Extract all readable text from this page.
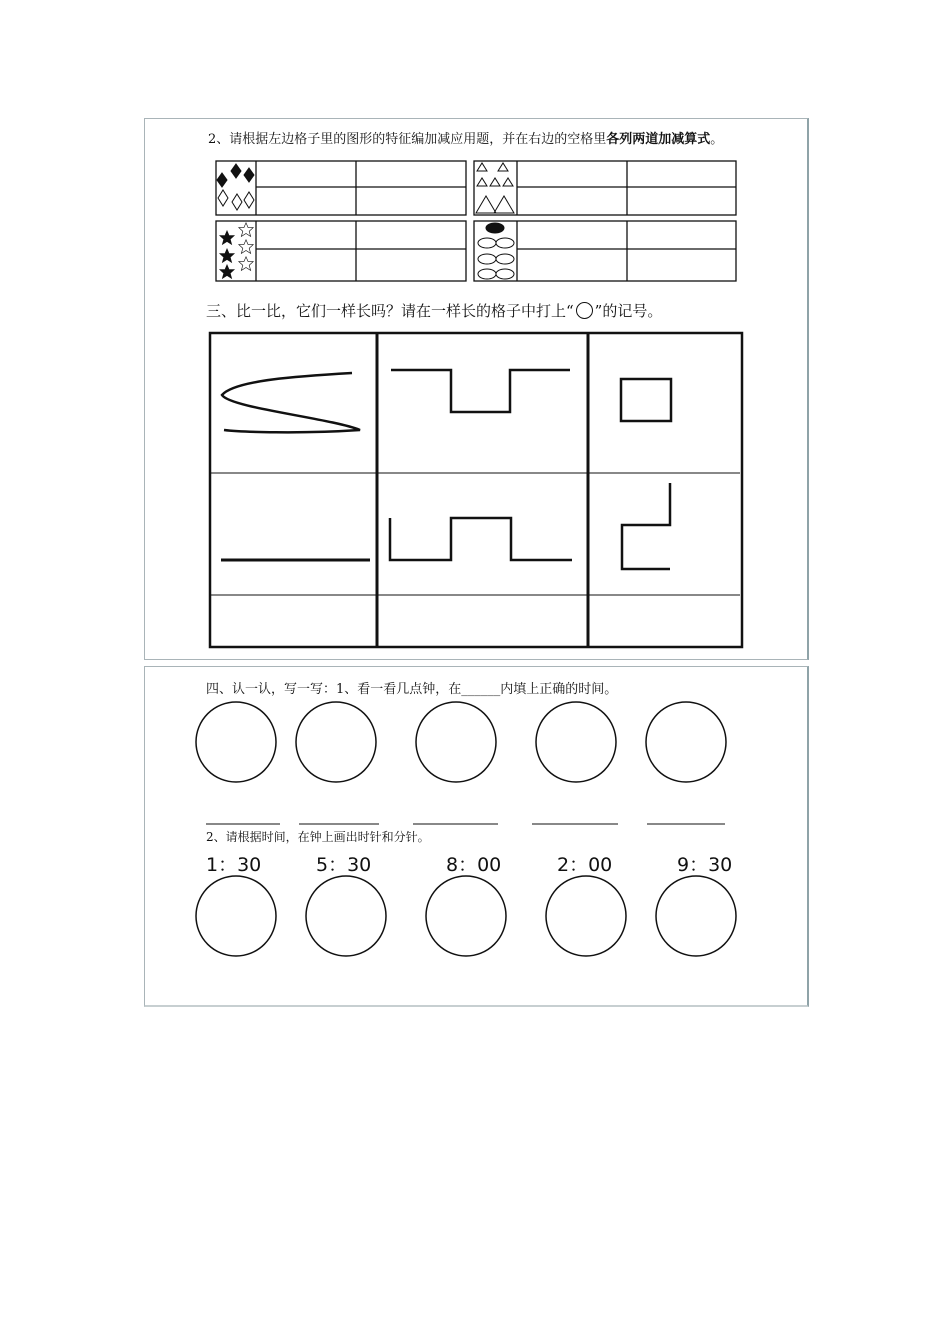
2、请根据左边格子里的图形的特征编加减应用题，并在右边的空格里各列两道加减算式。
三、比一比，它们一样长吗？请在一样长的格子中打上“ ○ ”的记号。
四、认一认，写一写：1、看一看几点钟，在______内填上正确的时间。
2、请根据时间，在钟上画出时针和分针。
1：30	5：30	8：00	2：00	9：30
